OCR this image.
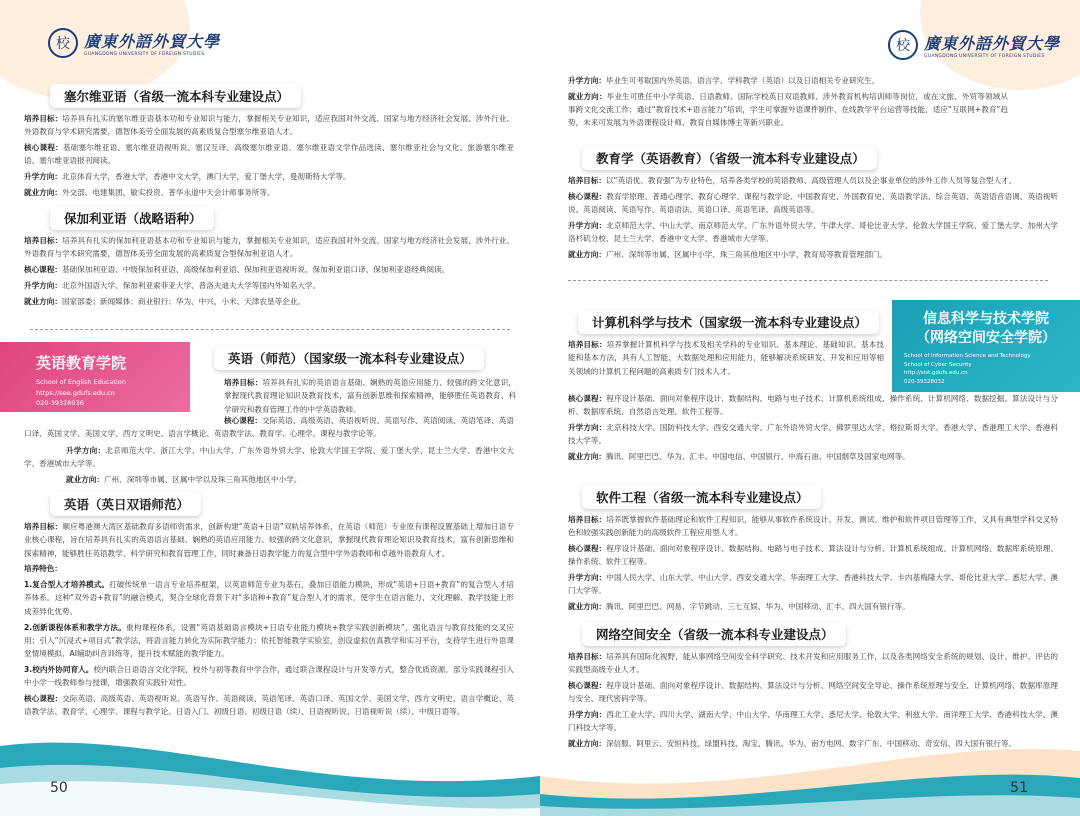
校 廣東外語外貿大學
GUANGDONG UNIVERSITY OF FOREIGN STUDIES
塞尔维亚语（省级一流本科专业建设点）

培养目标：培养具有扎实的塞尔维亚语基本功和专业知识与能力，掌握相关专业知识，适应我国对外交流、国家与地方经济社会发展、涉外行业、外语教育与学术研究需要，德智体美劳全面发展的高素质复合型塞尔维亚语人才。

核心课程：基础塞尔维亚语、塞尔维亚语视听说、塞汉互译、高级塞尔维亚语、塞尔维亚语文学作品选读、塞尔维亚社会与文化、旅游塞尔维亚语、塞尔维亚语报刊阅读。

升学方向：北京体育大学，香港大学，香港中文大学，澳门大学，爱丁堡大学，曼彻斯特大学等。

就业方向：外交部、电建集团、敏实投资、普华永道中天会计师事务所等。

保加利亚语（战略语种）

培养目标：培养具有扎实的保加利亚语基本功和专业知识与能力，掌握相关专业知识，适应我国对外交流、国家与地方经济社会发展、涉外行业、外语教育与学术研究需要，德智体美劳全面发展的高素质复合型保加利亚语人才。

核心课程：基础保加利亚语、中级保加利亚语、高级保加利亚语、保加利亚语视听说、保加利亚语口译、保加利亚语经典阅读。

升学方向：北京外国语大学、保加利亚索菲亚大学、普洛夫迪夫大学等国内外知名大学。

就业方向：国家部委；新闻媒体；商业银行；华为、中兴、小米、天津农垦等企业。

英语教育学院
School of English Education
https://see.gdufs.edu.cn
020-39328036
英语（师范）（国家级一流本科专业建设点）

培养目标：培养具有扎实的英语语言基础、娴熟的英语应用能力、较强的跨文化意识，掌握现代教育理论知识及教育技术，富有创新思维和探索精神，能够胜任英语教育、科学研究和教育管理工作的中学英语教师。

核心课程：交际英语、高级英语、英语视听说、英语写作、英语阅读、英语笔译、英语口译、英国文学、美国文学、西方文明史、语言学概论、英语教学法、教育学、心理学、课程与教学论等。

升学方向：北京师范大学、浙江大学、中山大学、广东外语外贸大学、伦敦大学国王学院、爱丁堡大学、昆士兰大学、香港中文大学、香港城市大学等。

就业方向：广州、深圳等市属、区属中学以及珠三角其他地区中小学。

英语（英日双语师范）

培养目标：顺应粤港澳大湾区基础教育多语师资需求，创新构建“英语+日语”双轨培养体系，在英语（师范）专业原有课程设置基础上增加日语专业核心课程，旨在培养具有扎实的英语语言基础、娴熟的英语应用能力、较强的跨文化意识，掌握现代教育理论知识及教育技术，富有创新思维和探索精神，能够胜任英语教学、科学研究和教育管理工作，同时兼备日语教学能力的复合型中学外语教师和卓越外语教育人才。

培养特色：

1.复合型人才培养模式。打破传统单一语言专业培养框架，以英语师范专业为基石，叠加日语能力模块，形成“英语+日语+教育”的复合型人才培养体系。这种“双外语+教育”的融合模式，契合全球化背景下对“多语种+教育”复合型人才的需求，使学生在语言能力、文化理解、教学技能上形成差异化优势。

2.创新课程体系和教学方法。重构课程体系，设置“英语基础语言模块+日语专业能力模块+教学实践创新模块”，强化语言与教育技能的交叉应用；引入“沉浸式+项目式”教学法，将语言能力转化为实际教学能力；依托智能教学实验室，创设虚拟仿真教学和实习平台，支持学生进行外语课堂情境模拟、AI辅助纠音训练等，提升技术赋能的教学能力。

3.校内外协同育人。校内联合日语语言文化学院，校外与初等教育中学合作，通过联合课程设计与开发等方式，整合优质资源。部分实践课程引入中小学一线教师参与授课，增强教育实践针对性。

核心课程：交际英语、高级英语、英语视听说、英语写作、英语阅读、英语笔译、英语口译、英国文学、美国文学、西方文明史、语言学概论、英语教学法、教育学、心理学、课程与教学论、日语入门、初级日语、初级日语（续）、日语视听说、日语视听说（续）、中级日语等。

50
校 廣東外語外貿大學
GUANGDONG UNIVERSITY OF FOREIGN STUDIES

升学方向：毕业生可考取国内外英语、语言学、学科教学（英语）以及日语相关专业研究生。

就业方向：毕业生可胜任中小学英语、日语教师、国际学校英日双语教师、涉外教育机构培训师等岗位，或在文旅、外贸等领域从事跨文化交流工作；通过“教育技术+语言能力”培训，学生可掌握外语课件制作、在线教学平台运营等技能，适应“互联网+教育”趋势，未来可发展为外语课程设计师、教育自媒体博主等新兴职业。

教育学（英语教育）（省级一流本科专业建设点）

培养目标：以“英语优、教育强”为专业特色，培养各类学校的英语教师、高级管理人员以及企事业单位的涉外工作人员等复合型人才。

核心课程：教育学原理、普通心理学、教育心理学、课程与教学论、中国教育史、外国教育史、英语教学法、综合英语、英语语音语调、英语视听说、英语阅读、英语写作、英语语法、英语口译、英语笔译、高级英语等。

升学方向：北京师范大学、中山大学、南京师范大学、广东外语外贸大学、牛津大学、哥伦比亚大学、伦敦大学国王学院、爱丁堡大学、加州大学洛杉矶分校、昆士兰大学、香港中文大学、香港城市大学等。

就业方向：广州、深圳等市属、区属中小学、珠三角其他地区中小学、教育局等教育管理部门。

信息科学与技术学院
（网络空间安全学院）
School of Information Science and Technology
School of Cyber Security
http://sist.gdufs.edu.cn
020-39328032
计算机科学与技术（国家级一流本科专业建设点）

培养目标：培养掌握计算机科学与技术及相关学科的专业知识、基本理论、基础知识、基本技能和基本方法，具有人工智能、大数据处理和应用能力，能够解决系统研发、开发和应用等相关领域的计算机工程问题的高素质专门技术人才。

核心课程：程序设计基础、面向对象程序设计、数据结构、电路与电子技术、计算机系统组成、操作系统、计算机网络、数据挖掘、算法设计与分析、数据库系统、自然语言处理、软件工程等。

升学方向：北京科技大学、国防科技大学、西安交通大学、广东外语外贸大学、佛罗里达大学、格拉斯哥大学、香港大学、香港理工大学、香港科技大学等。

就业方向：腾讯、阿里巴巴、华为、汇丰、中国电信、中国银行、中海石油、中国烟草及国家电网等。

软件工程（省级一流本科专业建设点）

培养目标：培养既掌握软件基础理论和软件工程知识，能够从事软件系统设计、开发、测试、维护和软件项目管理等工作，又具有典型学科交叉特色和较强实践创新能力的高级软件工程应用型人才。

核心课程：程序设计基础、面向对象程序设计、数据结构、电路与电子技术、算法设计与分析、计算机系统组成、计算机网络、数据库系统原理、操作系统、软件工程等。

升学方向：中国人民大学、山东大学、中山大学、西安交通大学、华南理工大学、香港科技大学、卡内基梅隆大学、哥伦比亚大学、悉尼大学、澳门大学等。

就业方向：腾讯、阿里巴巴、网易、字节跳动、三七互娱、华为、中国移动、汇丰、四大国有银行等。

网络空间安全（省级一流本科专业建设点）

培养目标：培养具有国际化视野，能从事网络空间安全科学研究、技术开发和应用服务工作，以及各类网络安全系统的规划、设计、维护、评估的实践型高级专业人才。

核心课程：程序设计基础、面向对象程序设计、数据结构、算法设计与分析、网络空间安全导论、操作系统原理与安全、计算机网络、数据库原理与安全、现代密码学等。

升学方向：西北工业大学、四川大学、湖南大学、中山大学、华南理工大学、悉尼大学、伦敦大学、利兹大学、南洋理工大学、香港科技大学、澳门科技大学等。

就业方向：深信服、阿里云、安恒科技、绿盟科技、淘宝、腾讯、华为、南方电网、数字广东、中国移动、奇安信、四大国有银行等。

51
